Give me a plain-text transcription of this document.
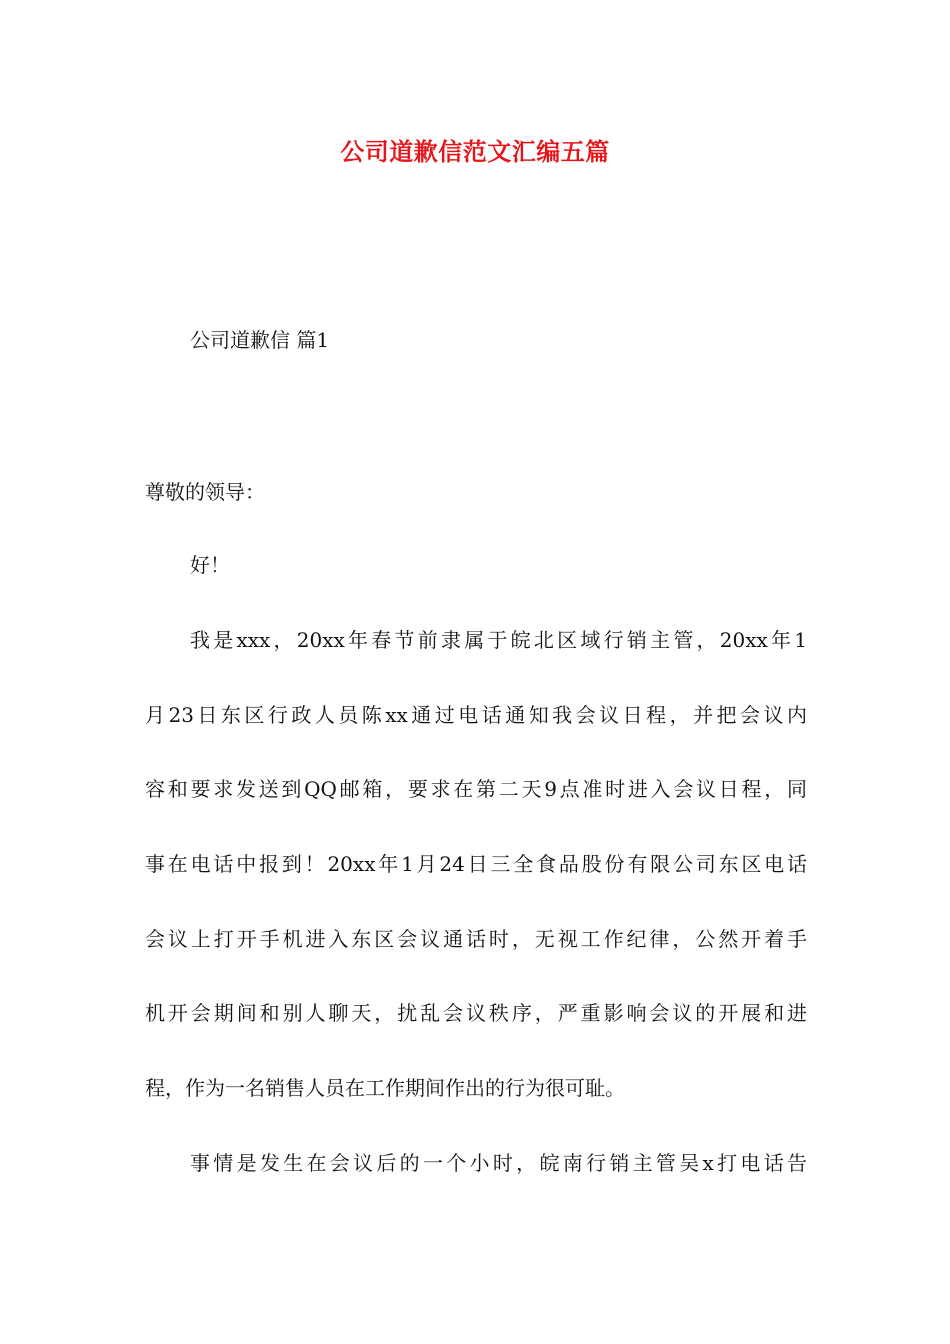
公司道歉信范文汇编五篇
公司道歉信 篇1
尊敬的领导：
好！
我是xxx，20xx年春节前隶属于皖北区域行销主管，20xx年1
月23日东区行政人员陈xx通过电话通知我会议日程，并把会议内
容和要求发送到QQ邮箱，要求在第二天9点准时进入会议日程，同
事在电话中报到！20xx年1月24日三全食品股份有限公司东区电话
会议上打开手机进入东区会议通话时，无视工作纪律，公然开着手
机开会期间和别人聊天，扰乱会议秩序，严重影响会议的开展和进
程，作为一名销售人员在工作期间作出的行为很可耻。
事情是发生在会议后的一个小时，皖南行销主管吴x打电话告
